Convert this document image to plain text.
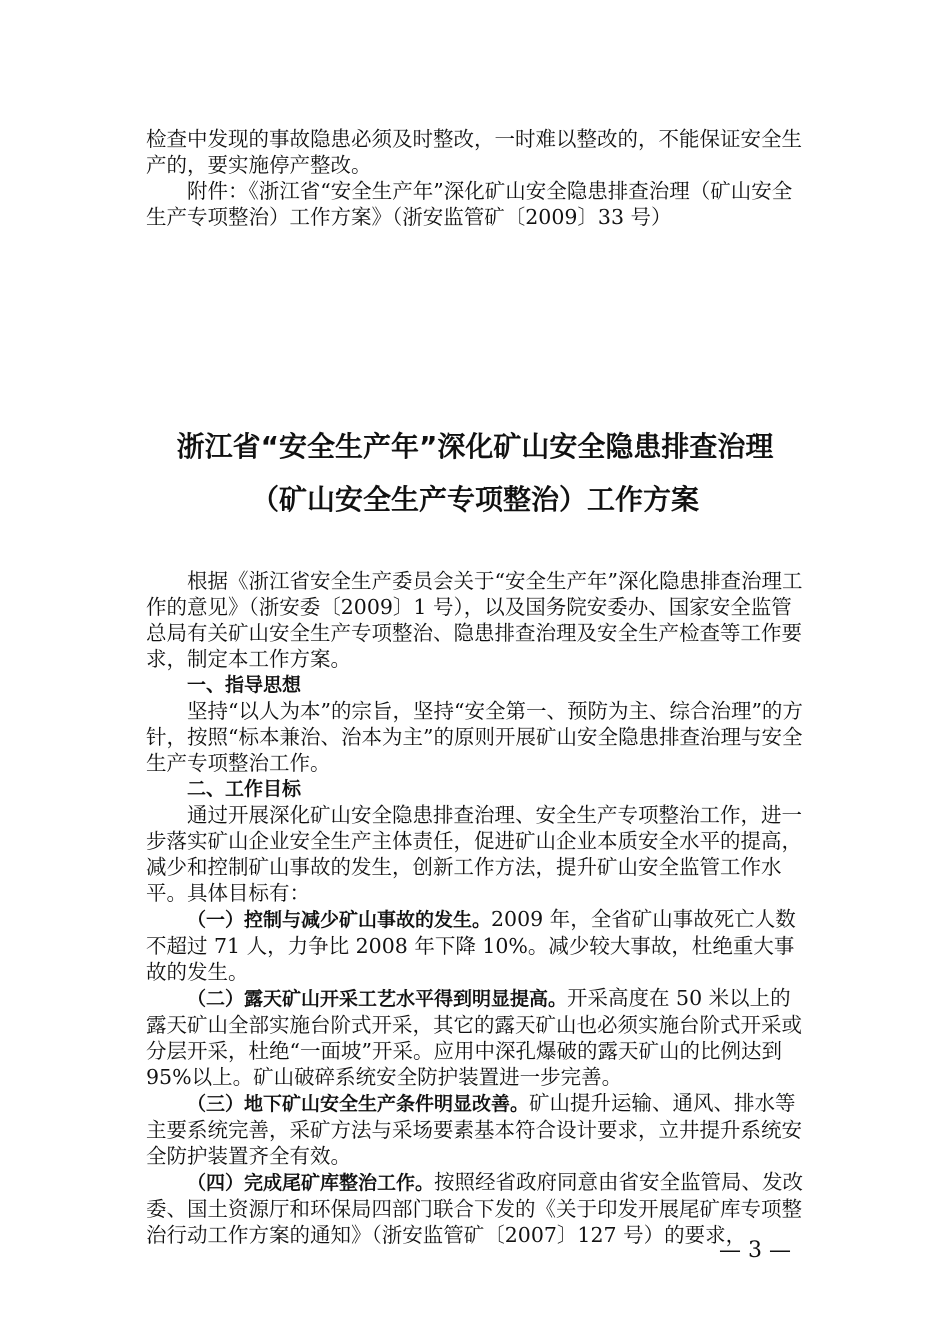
检查中发现的事故隐患必须及时整改，一时难以整改的，不能保证安全生产的，要实施停产整改。

附件：《浙江省“安全生产年”深化矿山安全隐患排查治理（矿山安全生产专项整治）工作方案》（浙安监管矿〔2009〕33 号）

浙江省“安全生产年”深化矿山安全隐患排查治理
（矿山安全生产专项整治）工作方案

根据《浙江省安全生产委员会关于“安全生产年”深化隐患排查治理工作的意见》（浙安委〔2009〕1 号），以及国务院安委办、国家安全监管总局有关矿山安全生产专项整治、隐患排查治理及安全生产检查等工作要求，制定本工作方案。

一、指导思想

坚持“以人为本”的宗旨，坚持“安全第一、预防为主、综合治理”的方针，按照“标本兼治、治本为主”的原则开展矿山安全隐患排查治理与安全生产专项整治工作。

二、工作目标

通过开展深化矿山安全隐患排查治理、安全生产专项整治工作，进一步落实矿山企业安全生产主体责任，促进矿山企业本质安全水平的提高，减少和控制矿山事故的发生，创新工作方法，提升矿山安全监管工作水平。具体目标有：

（一）控制与减少矿山事故的发生。2009 年，全省矿山事故死亡人数不超过 71 人，力争比 2008 年下降 10%。减少较大事故，杜绝重大事故的发生。

（二）露天矿山开采工艺水平得到明显提高。开采高度在 50 米以上的露天矿山全部实施台阶式开采，其它的露天矿山也必须实施台阶式开采或分层开采，杜绝“一面坡”开采。应用中深孔爆破的露天矿山的比例达到 95%以上。矿山破碎系统安全防护装置进一步完善。

（三）地下矿山安全生产条件明显改善。矿山提升运输、通风、排水等主要系统完善，采矿方法与采场要素基本符合设计要求，立井提升系统安全防护装置齐全有效。

（四）完成尾矿库整治工作。按照经省政府同意由省安全监管局、发改委、国土资源厅和环保局四部门联合下发的《关于印发开展尾矿库专项整治行动工作方案的通知》（浙安监管矿〔2007〕127 号）的要求，

— 3 —
